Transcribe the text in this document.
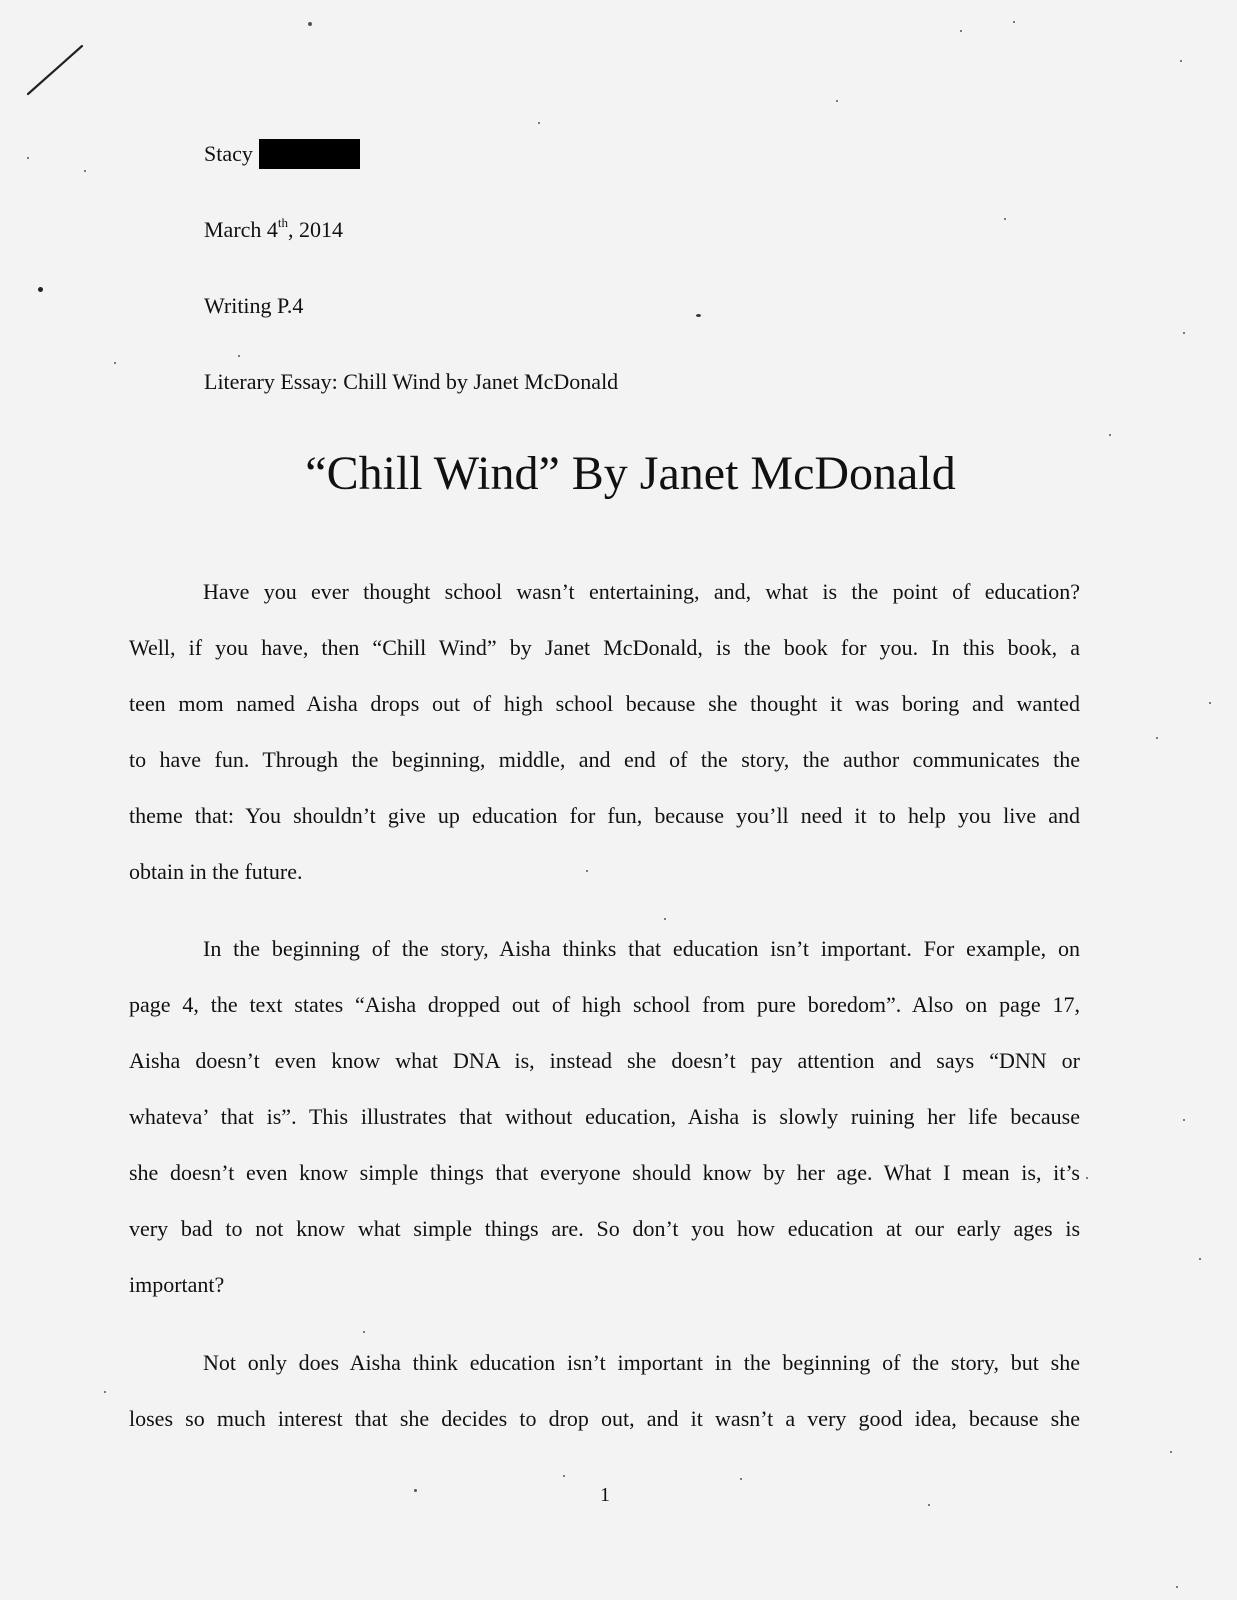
Stacy
March 4th, 2014
Writing P.4
Literary Essay: Chill Wind by Janet McDonald
“Chill Wind” By Janet McDonald
Have you ever thought school wasn’t entertaining, and, what is the point of education?
Well, if you have, then “Chill Wind” by Janet McDonald, is the book for you. In this book, a
teen mom named Aisha drops out of high school because she thought it was boring and wanted
to have fun. Through the beginning, middle, and end of the story, the author communicates the
theme that: You shouldn’t give up education for fun, because you’ll need it to help you live and
obtain in the future.
In the beginning of the story, Aisha thinks that education isn’t important. For example, on
page 4, the text states “Aisha dropped out of high school from pure boredom”. Also on page 17,
Aisha doesn’t even know what DNA is, instead she doesn’t pay attention and says “DNN or
whateva’ that is”. This illustrates that without education, Aisha is slowly ruining her life because
she doesn’t even know simple things that everyone should know by her age. What I mean is, it’s
very bad to not know what simple things are. So don’t you how education at our early ages is
important?
Not only does Aisha think education isn’t important in the beginning of the story, but she
loses so much interest that she decides to drop out, and it wasn’t a very good idea, because she
1
